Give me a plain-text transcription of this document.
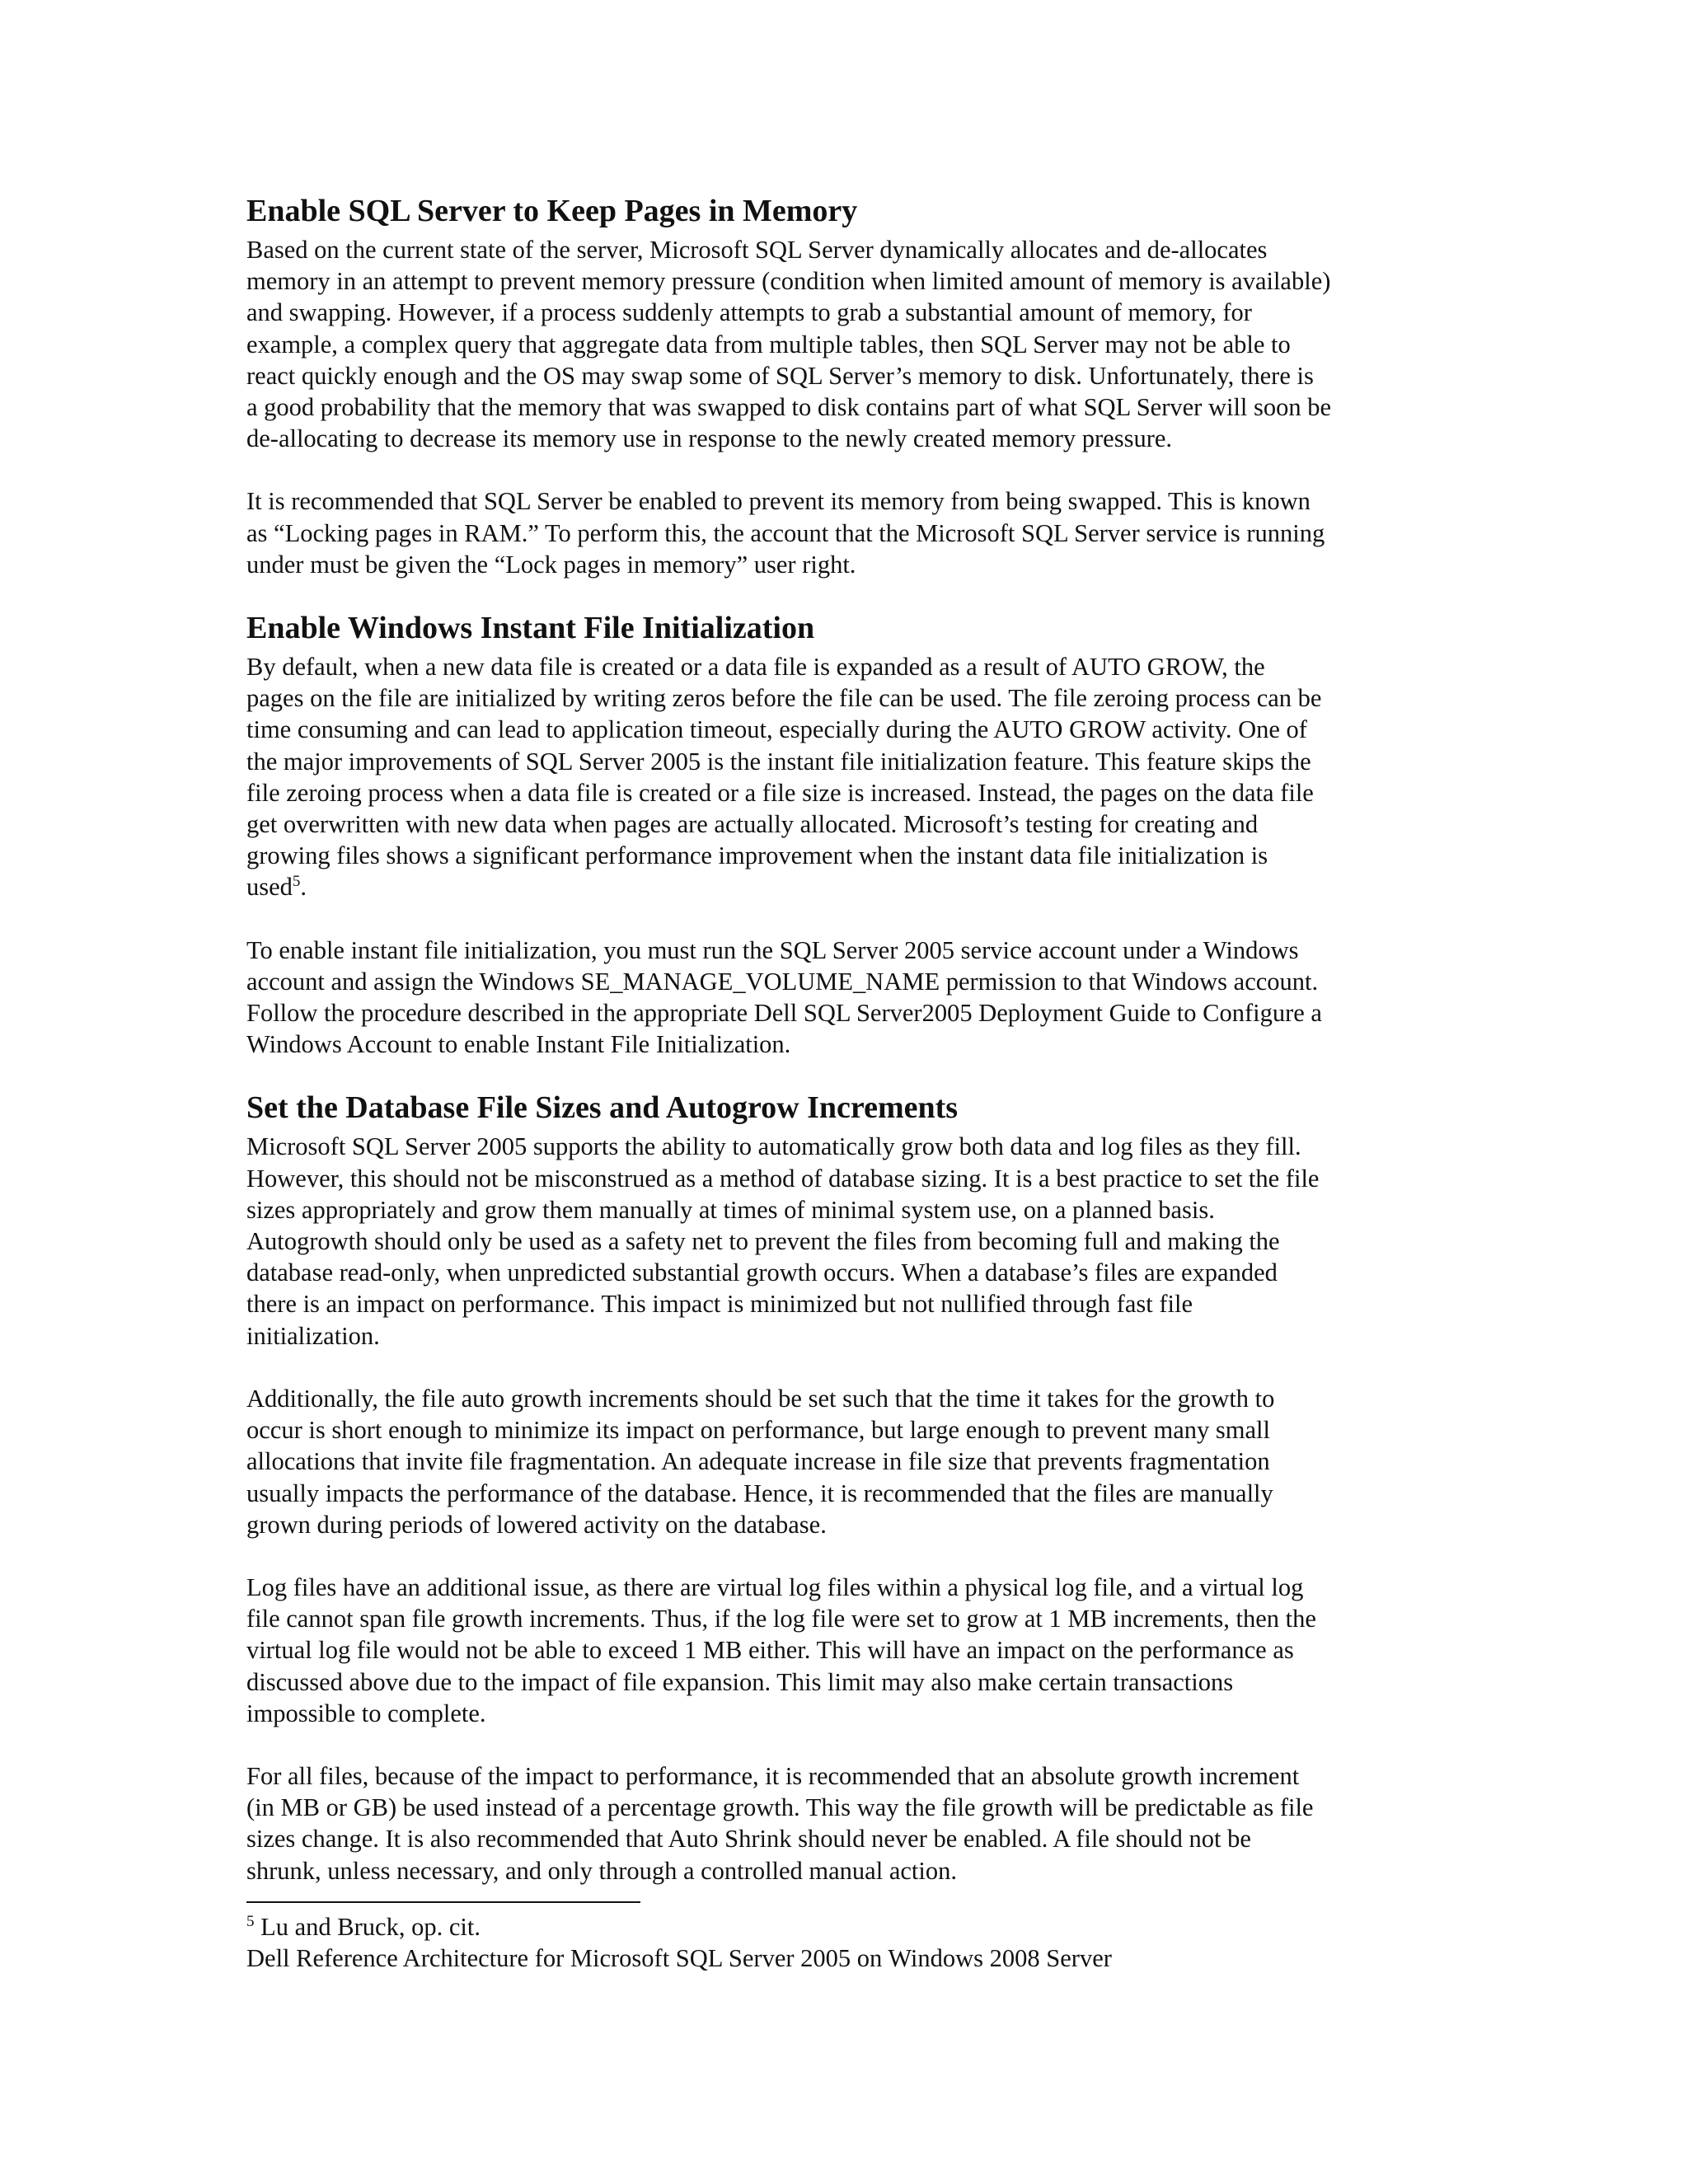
Enable SQL Server to Keep Pages in Memory

Based on the current state of the server, Microsoft SQL Server dynamically allocates and de-allocates
memory in an attempt to prevent memory pressure (condition when limited amount of memory is available)
and swapping. However, if a process suddenly attempts to grab a substantial amount of memory, for
example, a complex query that aggregate data from multiple tables, then SQL Server may not be able to
react quickly enough and the OS may swap some of SQL Server’s memory to disk. Unfortunately, there is
a good probability that the memory that was swapped to disk contains part of what SQL Server will soon be
de-allocating to decrease its memory use in response to the newly created memory pressure.

It is recommended that SQL Server be enabled to prevent its memory from being swapped. This is known
as “Locking pages in RAM.” To perform this, the account that the Microsoft SQL Server service is running
under must be given the “Lock pages in memory” user right.

Enable Windows Instant File Initialization

By default, when a new data file is created or a data file is expanded as a result of AUTO GROW, the
pages on the file are initialized by writing zeros before the file can be used. The file zeroing process can be
time consuming and can lead to application timeout, especially during the AUTO GROW activity. One of
the major improvements of SQL Server 2005 is the instant file initialization feature. This feature skips the
file zeroing process when a data file is created or a file size is increased. Instead, the pages on the data file
get overwritten with new data when pages are actually allocated. Microsoft’s testing for creating and
growing files shows a significant performance improvement when the instant data file initialization is
used$^5$.

To enable instant file initialization, you must run the SQL Server 2005 service account under a Windows
account and assign the Windows SE_MANAGE_VOLUME_NAME permission to that Windows account.
Follow the procedure described in the appropriate Dell SQL Server2005 Deployment Guide to Configure a
Windows Account to enable Instant File Initialization.

Set the Database File Sizes and Autogrow Increments

Microsoft SQL Server 2005 supports the ability to automatically grow both data and log files as they fill.
However, this should not be misconstrued as a method of database sizing. It is a best practice to set the file
sizes appropriately and grow them manually at times of minimal system use, on a planned basis.
Autogrowth should only be used as a safety net to prevent the files from becoming full and making the
database read-only, when unpredicted substantial growth occurs. When a database’s files are expanded
there is an impact on performance. This impact is minimized but not nullified through fast file
initialization.

Additionally, the file auto growth increments should be set such that the time it takes for the growth to
occur is short enough to minimize its impact on performance, but large enough to prevent many small
allocations that invite file fragmentation. An adequate increase in file size that prevents fragmentation
usually impacts the performance of the database. Hence, it is recommended that the files are manually
grown during periods of lowered activity on the database.

Log files have an additional issue, as there are virtual log files within a physical log file, and a virtual log
file cannot span file growth increments. Thus, if the log file were set to grow at 1 MB increments, then the
virtual log file would not be able to exceed 1 MB either. This will have an impact on the performance as
discussed above due to the impact of file expansion. This limit may also make certain transactions
impossible to complete.

For all files, because of the impact to performance, it is recommended that an absolute growth increment
(in MB or GB) be used instead of a percentage growth. This way the file growth will be predictable as file
sizes change. It is also recommended that Auto Shrink should never be enabled. A file should not be
shrunk, unless necessary, and only through a controlled manual action.

$^5$ Lu and Bruck, op. cit.
Dell Reference Architecture for Microsoft SQL Server 2005 on Windows 2008 Server
